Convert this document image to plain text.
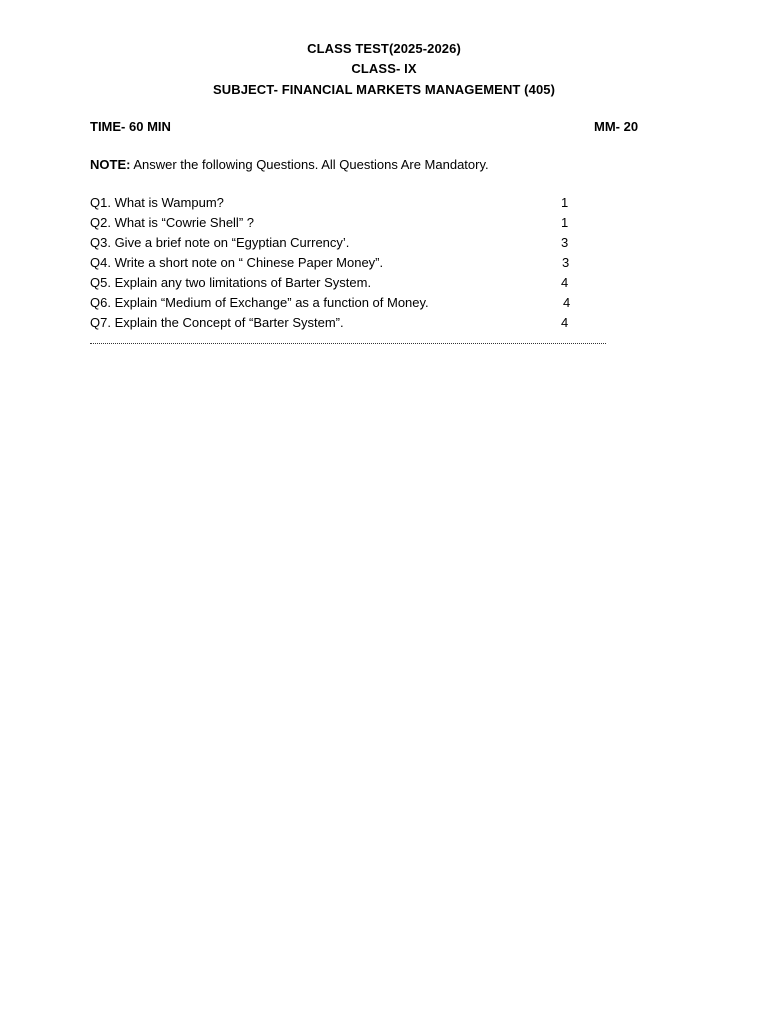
CLASS TEST(2025-2026)
CLASS- IX
SUBJECT- FINANCIAL MARKETS MANAGEMENT (405)
TIME- 60 MIN	MM- 20
NOTE: Answer the following Questions. All Questions Are Mandatory.
Q1. What is Wampum?	1
Q2. What is “Cowrie Shell” ?	1
Q3. Give a brief note on “Egyptian Currency’.	3
Q4. Write a short note on “ Chinese Paper Money”.	3
Q5. Explain any two limitations of Barter System.	4
Q6. Explain “Medium of Exchange” as a function of Money.	4
Q7. Explain the Concept of “Barter System”.	4
